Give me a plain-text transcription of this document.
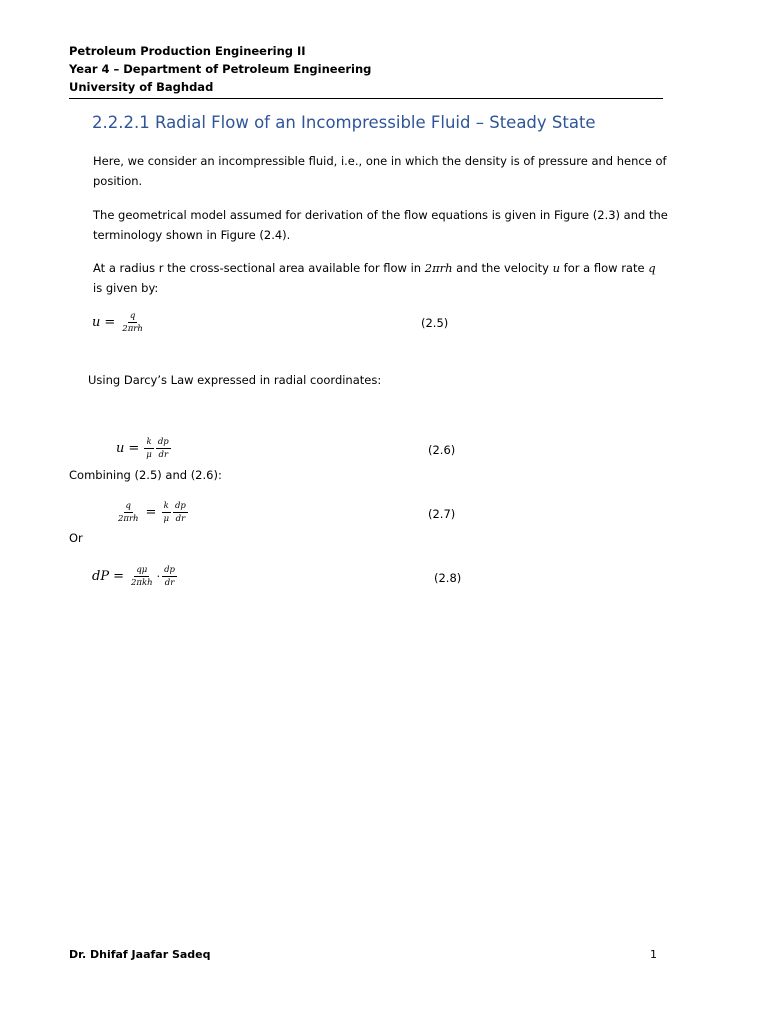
Petroleum Production Engineering II
Year 4 – Department of Petroleum Engineering
University of Baghdad
2.2.2.1 Radial Flow of an Incompressible Fluid – Steady State
Here, we consider an incompressible fluid, i.e., one in which the density is of pressure and hence of position.
The geometrical model assumed for derivation of the flow equations is given in Figure (2.3) and the terminology shown in Figure (2.4).
At a radius r the cross-sectional area available for flow in 2πrh and the velocity u for a flow rate q is given by:
$u = \frac{q}{\text{2πrh}}$	(2.5)
Using Darcy’s Law expressed in radial coordinates:
$u = \frac{k}{\mu} \frac{dp}{dr}$	(2.6)
Combining (2.5) and (2.6):
$\frac{q}{\text{2πrh}} = \frac{k}{\mu} \frac{dp}{dr}$	(2.7)
Or
dP = $\frac{q\mu}{\text{2πkh}} \cdot \frac{dp}{dr}$	(2.8)
Dr. Dhifaf Jaafar Sadeq	1
